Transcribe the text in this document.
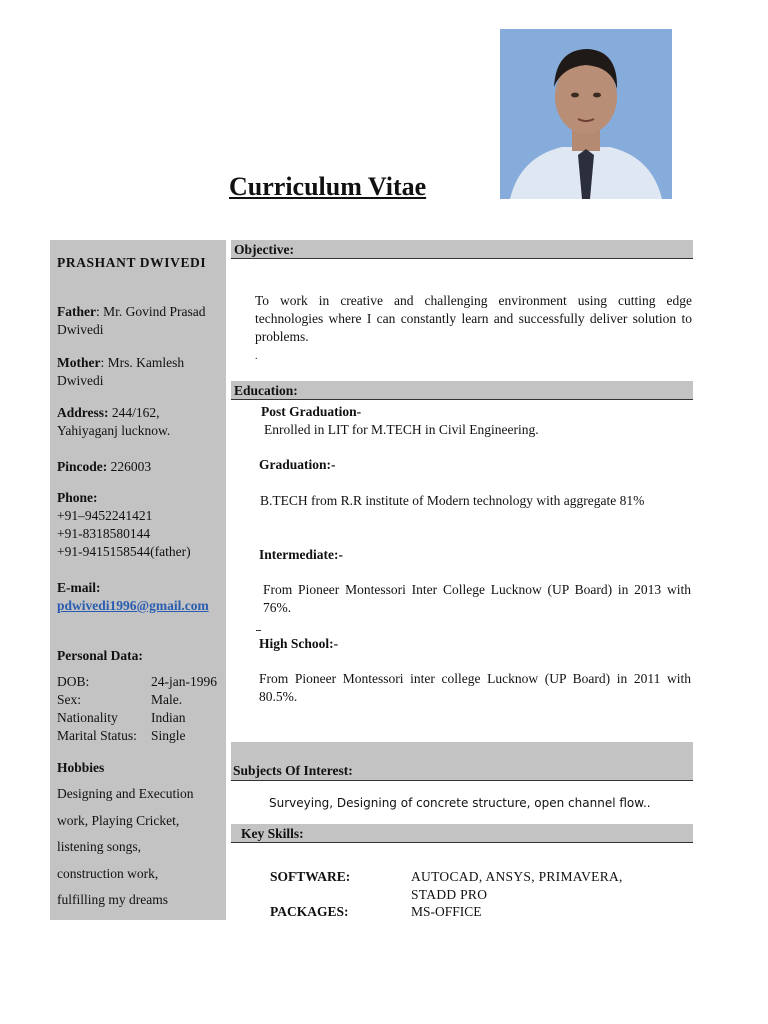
Curriculum Vitae
PRASHANT DWIVEDI
Father: Mr. Govind Prasad Dwivedi
Mother: Mrs. Kamlesh Dwivedi
Address: 244/162, Yahiyaganj lucknow.
Pincode: 226003
Phone:
+91–9452241421
+91-8318580144
+91-9415158544(father)
E-mail:
pdwivedi1996@gmail.com
Personal Data:
DOB:	24-jan-1996
Sex:	Male.
Nationality	Indian
Marital Status:	Single
Hobbies
Designing and Execution
work, Playing Cricket,
listening songs,
construction work,
fulfilling my dreams
Objective:
To work in creative and challenging environment using cutting edge technologies where I can constantly learn and successfully deliver solution to problems.
.
Education:
Post Graduation-
Enrolled in LIT for M.TECH in Civil Engineering.
Graduation:-
B.TECH from R.R institute of Modern technology with aggregate 81%
Intermediate:-
From Pioneer Montessori Inter College Lucknow (UP Board) in 2013 with 76%.
High School:-
From Pioneer Montessori inter college Lucknow (UP Board) in 2011 with 80.5%.
Subjects Of Interest:
Surveying, Designing of concrete structure, open channel flow..
Key Skills:
SOFTWARE:	AUTOCAD, ANSYS, PRIMAVERA, STADD PRO
PACKAGES:	MS-OFFICE
